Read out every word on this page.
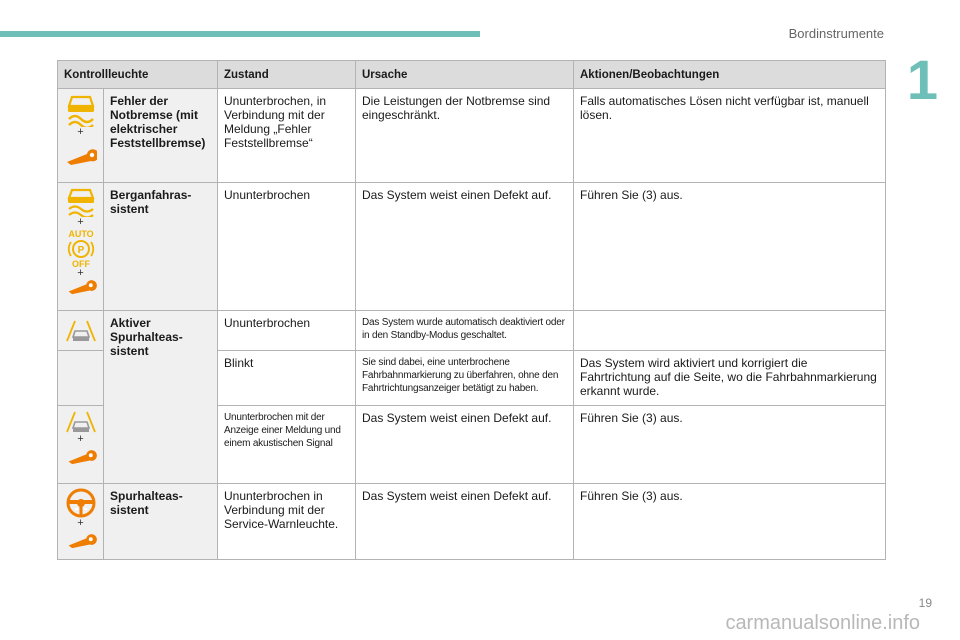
Bordinstrumente
1
Kontrollleuchte		Zustand	Ursache	Aktionen/Beobachtungen

+	Fehler der Notbremse (mit elektrischer Feststellbremse)	Ununterbrochen, in Verbindung mit der Meldung „Fehler Feststellbremse“	Die Leistungen der Notbremse sind eingeschränkt.	Falls automatisches Lösen nicht verfügbar ist, manuell lösen.

+
AUTO
P
OFF
+	Berganfahras-
sistent	Ununterbrochen	Das System weist einen Defekt auf.	Führen Sie (3) aus.

	Aktiver Spurhalteas-
sistent	Ununterbrochen	Das System wurde automatisch deaktiviert oder in den Standby-Modus geschaltet.	
		Blinkt	Sie sind dabei, eine unterbrochene Fahrbahnmarkierung zu überfahren, ohne den Fahrtrichtungsanzeiger betätigt zu haben.	Das System wird aktiviert und korrigiert die Fahrtrichtung auf die Seite, wo die Fahrbahnmarkierung erkannt wurde.

+		Ununterbrochen mit der Anzeige einer Meldung und einem akustischen Signal	Das System weist einen Defekt auf.	Führen Sie (3) aus.

+	Spurhalteas-
sistent	Ununterbrochen in Verbindung mit der Service-Warnleuchte.	Das System weist einen Defekt auf.	Führen Sie (3) aus.
carmanualsonline.info
19
